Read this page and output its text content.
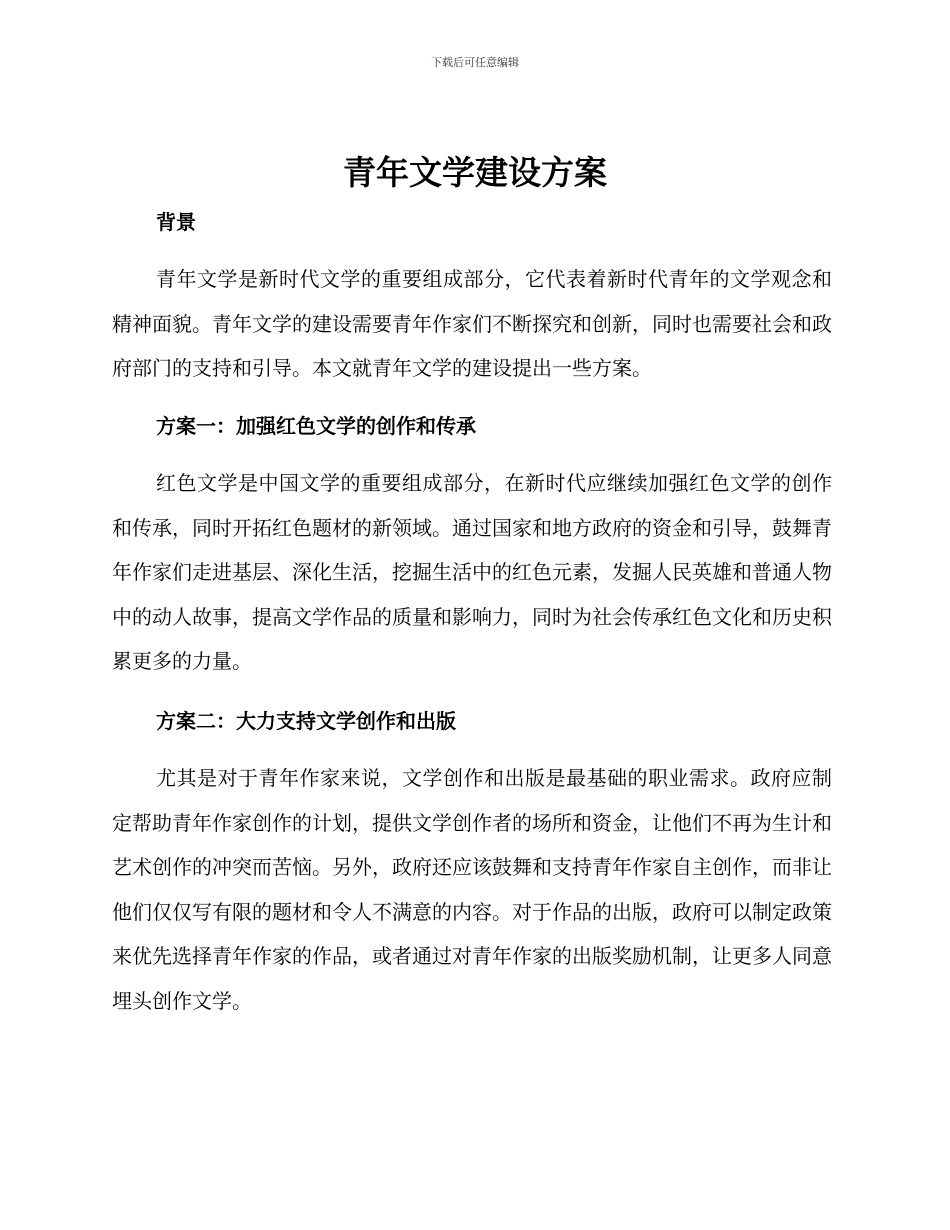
下载后可任意编辑
青年文学建设方案
背景

青年文学是新时代文学的重要组成部分，它代表着新时代青年的文学观念和精神面貌。青年文学的建设需要青年作家们不断探究和创新，同时也需要社会和政府部门的支持和引导。本文就青年文学的建设提出一些方案。

方案一：加强红色文学的创作和传承

红色文学是中国文学的重要组成部分，在新时代应继续加强红色文学的创作和传承，同时开拓红色题材的新领域。通过国家和地方政府的资金和引导，鼓舞青年作家们走进基层、深化生活，挖掘生活中的红色元素，发掘人民英雄和普通人物中的动人故事，提高文学作品的质量和影响力，同时为社会传承红色文化和历史积累更多的力量。

方案二：大力支持文学创作和出版

尤其是对于青年作家来说，文学创作和出版是最基础的职业需求。政府应制定帮助青年作家创作的计划，提供文学创作者的场所和资金，让他们不再为生计和艺术创作的冲突而苦恼。另外，政府还应该鼓舞和支持青年作家自主创作，而非让他们仅仅写有限的题材和令人不满意的内容。对于作品的出版，政府可以制定政策来优先选择青年作家的作品，或者通过对青年作家的出版奖励机制，让更多人同意埋头创作文学。
